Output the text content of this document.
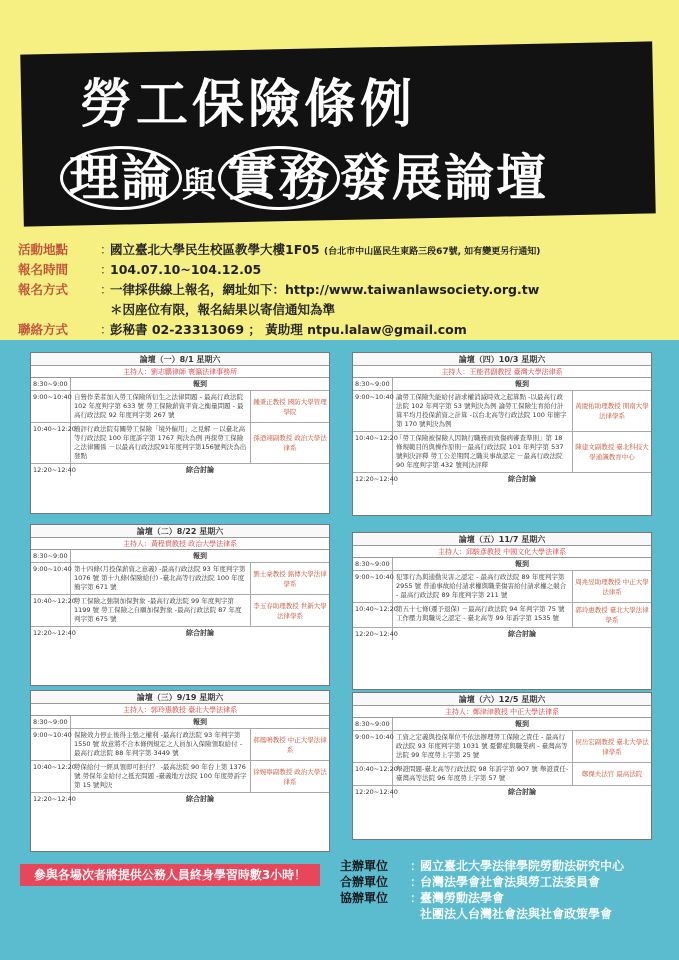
勞工保險條例
理論 與 實務 發展論壇
活動地點	：
國立臺北大學民生校區教學大樓1F05 (台北市中山區民生東路三段67號, 如有變更另行通知)
報名時間	：
104.07.10~104.12.05
報名方式	：
一律採供線上報名，網址如下：http://www.taiwanlawsociety.org.tw
＊因座位有限，報名結果以寄信通知為準
聯絡方式	：
彭秘書 02-23313069 ； 黃助理 ntpu.lalaw@gmail.com
論壇（一）8/1 星期六
主持人：劉志鵬律師 寰瀛法律事務所
8:30~9:00	報到
9:00~10:40 自營作業者加入勞工保險所衍生之法律問題 - 最高行政法院 102 年度判字第 633 號 勞工保險薪資平資之衡量問題 - 最高行政法院 92 年度判字第 267 號
鍾秉正教授 國防大學管理學院
10:40~12:20
簡評行政法院有關勞工保險「境外僱用」之見解 －以臺北高等行政法院 100 年度訴字第 1767 判決為例 再探勞工保險之法律關係 －以最高行政法院91年度判字第156號判決為出發點
孫迺翊副教授 政治大學法律系
12:20~12:40	綜合討論
論壇（二）8/22 星期六
主持人：黃程貫教授 政治大學法律系
8:30~9:00	報到
9:00~10:40 第十四條(月投保薪資之意義) -最高行政法院 93 年度判字第 1076 號 第十九條(保險給付) -臺北高等行政法院 100 年度簡字第 671 號
劉士豪教授 銘傳大學法律學系
10:40~12:20
勞工保險之強制加保對象 -最高行政法院 99 年度判字第 1199 號 勞工保險之自願加保對象 -最高行政法院 87 年度判字第 675 號
李玉春助理教授 世新大學法律學系
12:20~12:40	綜合討論
論壇（三）9/19 星期六
主持人：郭玲惠教授 臺北大學法律系
8:30~9:00	報到
9:00~10:40 保險效力停止後得主張之權利 -最高行政法院 93 年判字第 1550 號 故意將不合本條例規定之人員加入保險領取給付 -最高行政法院 88 年判字第 3449 號
郝鳳鳴教授 中正大學法律系
10:40~12:20
勞保給付一經具領即可拒付？ -最高法院 90 年台上第 1376 號 勞保年金給付之抵充問題 -臺義地方法院 100 年度勞訴字第 15 號判決
徐婉寧副教授 政治大學法律系
12:20~12:40	綜合討論
論壇（四）10/3 星期六
主持人：王能君副教授 臺灣大學法律系
8:30~9:00	報到
9:00~10:40 論勞工保險失能給付請求權消滅時效之起算點 -以最高行政法院 102 年判字第 53 號判決為例 論勞工保險生育給付計算平均月投保薪資之計算 -以台北高等行政法院 100 年簡字第 170 號判決為例
黃慶佑助理教授 開南大學法律學系
10:40~12:20
「勞工保險被保險人因執行職務而致傷病審查準則」第 18 條規範目的與操作原則－最高行政法院 101 年判字第 537 號判決評釋 勞工公差期間之職災事故認定 －最高行政法院 90 年度判字第 432 號判決評釋
陳建文副教授 臺北科技大學通識教育中心
12:20~12:40	綜合討論
論壇（五）11/7 星期六
主持人：邱駿彥教授 中國文化大學法律系
8:30~9:00	報到
9:00~10:40 犯罪行為與通勤災害之認定 - 最高行政法院 89 年度判字第 2955 號 普通事故給付請求權與職業傷害給付請求權之競合 - 最高行政法院 89 年度判字第 211 號
周兆昱助理教授 中正大學法律系
10:40~12:20
第五十七條(遷予退保) －最高行政法院 94 年判字第 75 號 工作壓力與職災之認定 - 臺北高等 99 年訴字第 1535 號
郭玲惠教授 臺北大學法律學系
12:20~12:40	綜合討論
論壇（六）12/5 星期六
主持人：鄭津津教授 中正大學法律系
8:30~9:00	報到
9:00~10:40 工資之定義與投保單位不依法辦理勞工保險之責任 - 最高行政法院 93 年度判字第 1031 號 憂鬱症與職業病 - 臺灣高等法院 99 年度勞上字第 25 號
侯岳宏副教授 臺北大學法律學系
10:40~12:20
舉證問題-臺北高等行政法院 98 年訴字第 907 號 舉證責任-臺灣高等法院 96 年度勞上字第 57 號	鄭傑夫法官 最高法院
12:20~12:40	綜合討論
參與各場次者將提供公務人員終身學習時數3小時！
主辦單位	：
國立臺北大學法律學院勞動法研究中心
合辦單位	：
台灣法學會社會法與勞工法委員會
協辦單位	：
臺灣勞動法學會
社團法人台灣社會法與社會政策學會
